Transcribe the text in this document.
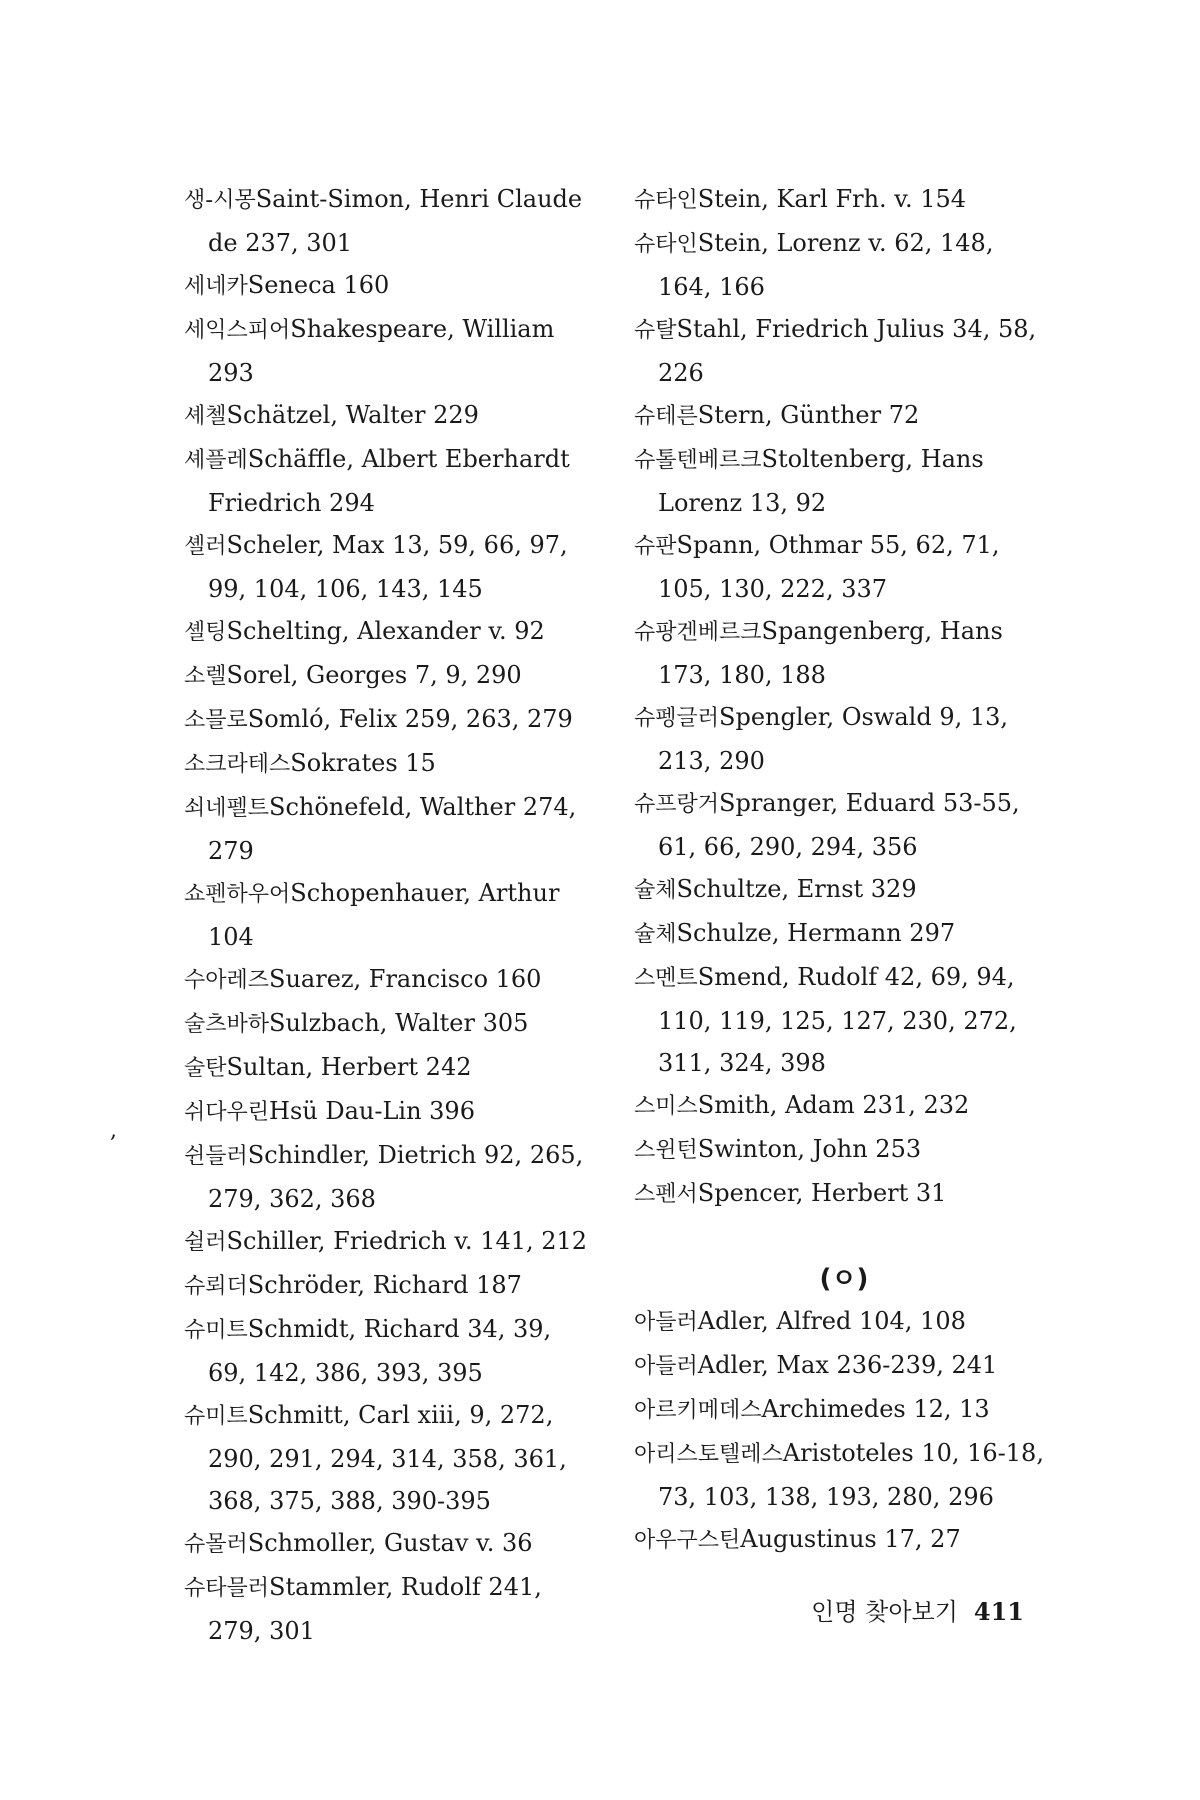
생-시몽Saint-Simon, Henri Claude de 237, 301
세네카Seneca 160
세익스피어Shakespeare, William 293
셰첼Schätzel, Walter 229
셰플레Schäffle, Albert Eberhardt Friedrich 294
셸러Scheler, Max 13, 59, 66, 97, 99, 104, 106, 143, 145
셸팅Schelting, Alexander v. 92
소렐Sorel, Georges 7, 9, 290
소믈로Somló, Felix 259, 263, 279
소크라테스Sokrates 15
쇠네펠트Schönefeld, Walther 274, 279
쇼펜하우어Schopenhauer, Arthur 104
수아레즈Suarez, Francisco 160
술츠바하Sulzbach, Walter 305
술탄Sultan, Herbert 242
쉬다우린Hsü Dau-Lin 396
쉰들러Schindler, Dietrich 92, 265, 279, 362, 368
쉴러Schiller, Friedrich v. 141, 212
슈뢰더Schröder, Richard 187
슈미트Schmidt, Richard 34, 39, 69, 142, 386, 393, 395
슈미트Schmitt, Carl xiii, 9, 272, 290, 291, 294, 314, 358, 361, 368, 375, 388, 390-395
슈몰러Schmoller, Gustav v. 36
슈타믈러Stammler, Rudolf 241, 279, 301
슈타인Stein, Karl Frh. v. 154
슈타인Stein, Lorenz v. 62, 148, 164, 166
슈탈Stahl, Friedrich Julius 34, 58, 226
슈테른Stern, Günther 72
슈톨텐베르크Stoltenberg, Hans Lorenz 13, 92
슈판Spann, Othmar 55, 62, 71, 105, 130, 222, 337
슈팡겐베르크Spangenberg, Hans 173, 180, 188
슈펭글러Spengler, Oswald 9, 13, 213, 290
슈프랑거Spranger, Eduard 53-55, 61, 66, 290, 294, 356
슐체Schultze, Ernst 329
슐체Schulze, Hermann 297
스멘트Smend, Rudolf 42, 69, 94, 110, 119, 125, 127, 230, 272, 311, 324, 398
스미스Smith, Adam 231, 232
스윈턴Swinton, John 253
스펜서Spencer, Herbert 31
(ㅇ)
아들러Adler, Alfred 104, 108
아들러Adler, Max 236-239, 241
아르키메데스Archimedes 12, 13
아리스토텔레스Aristoteles 10, 16-18, 73, 103, 138, 193, 280, 296
아우구스틴Augustinus 17, 27
,
인명 찾아보기 411
